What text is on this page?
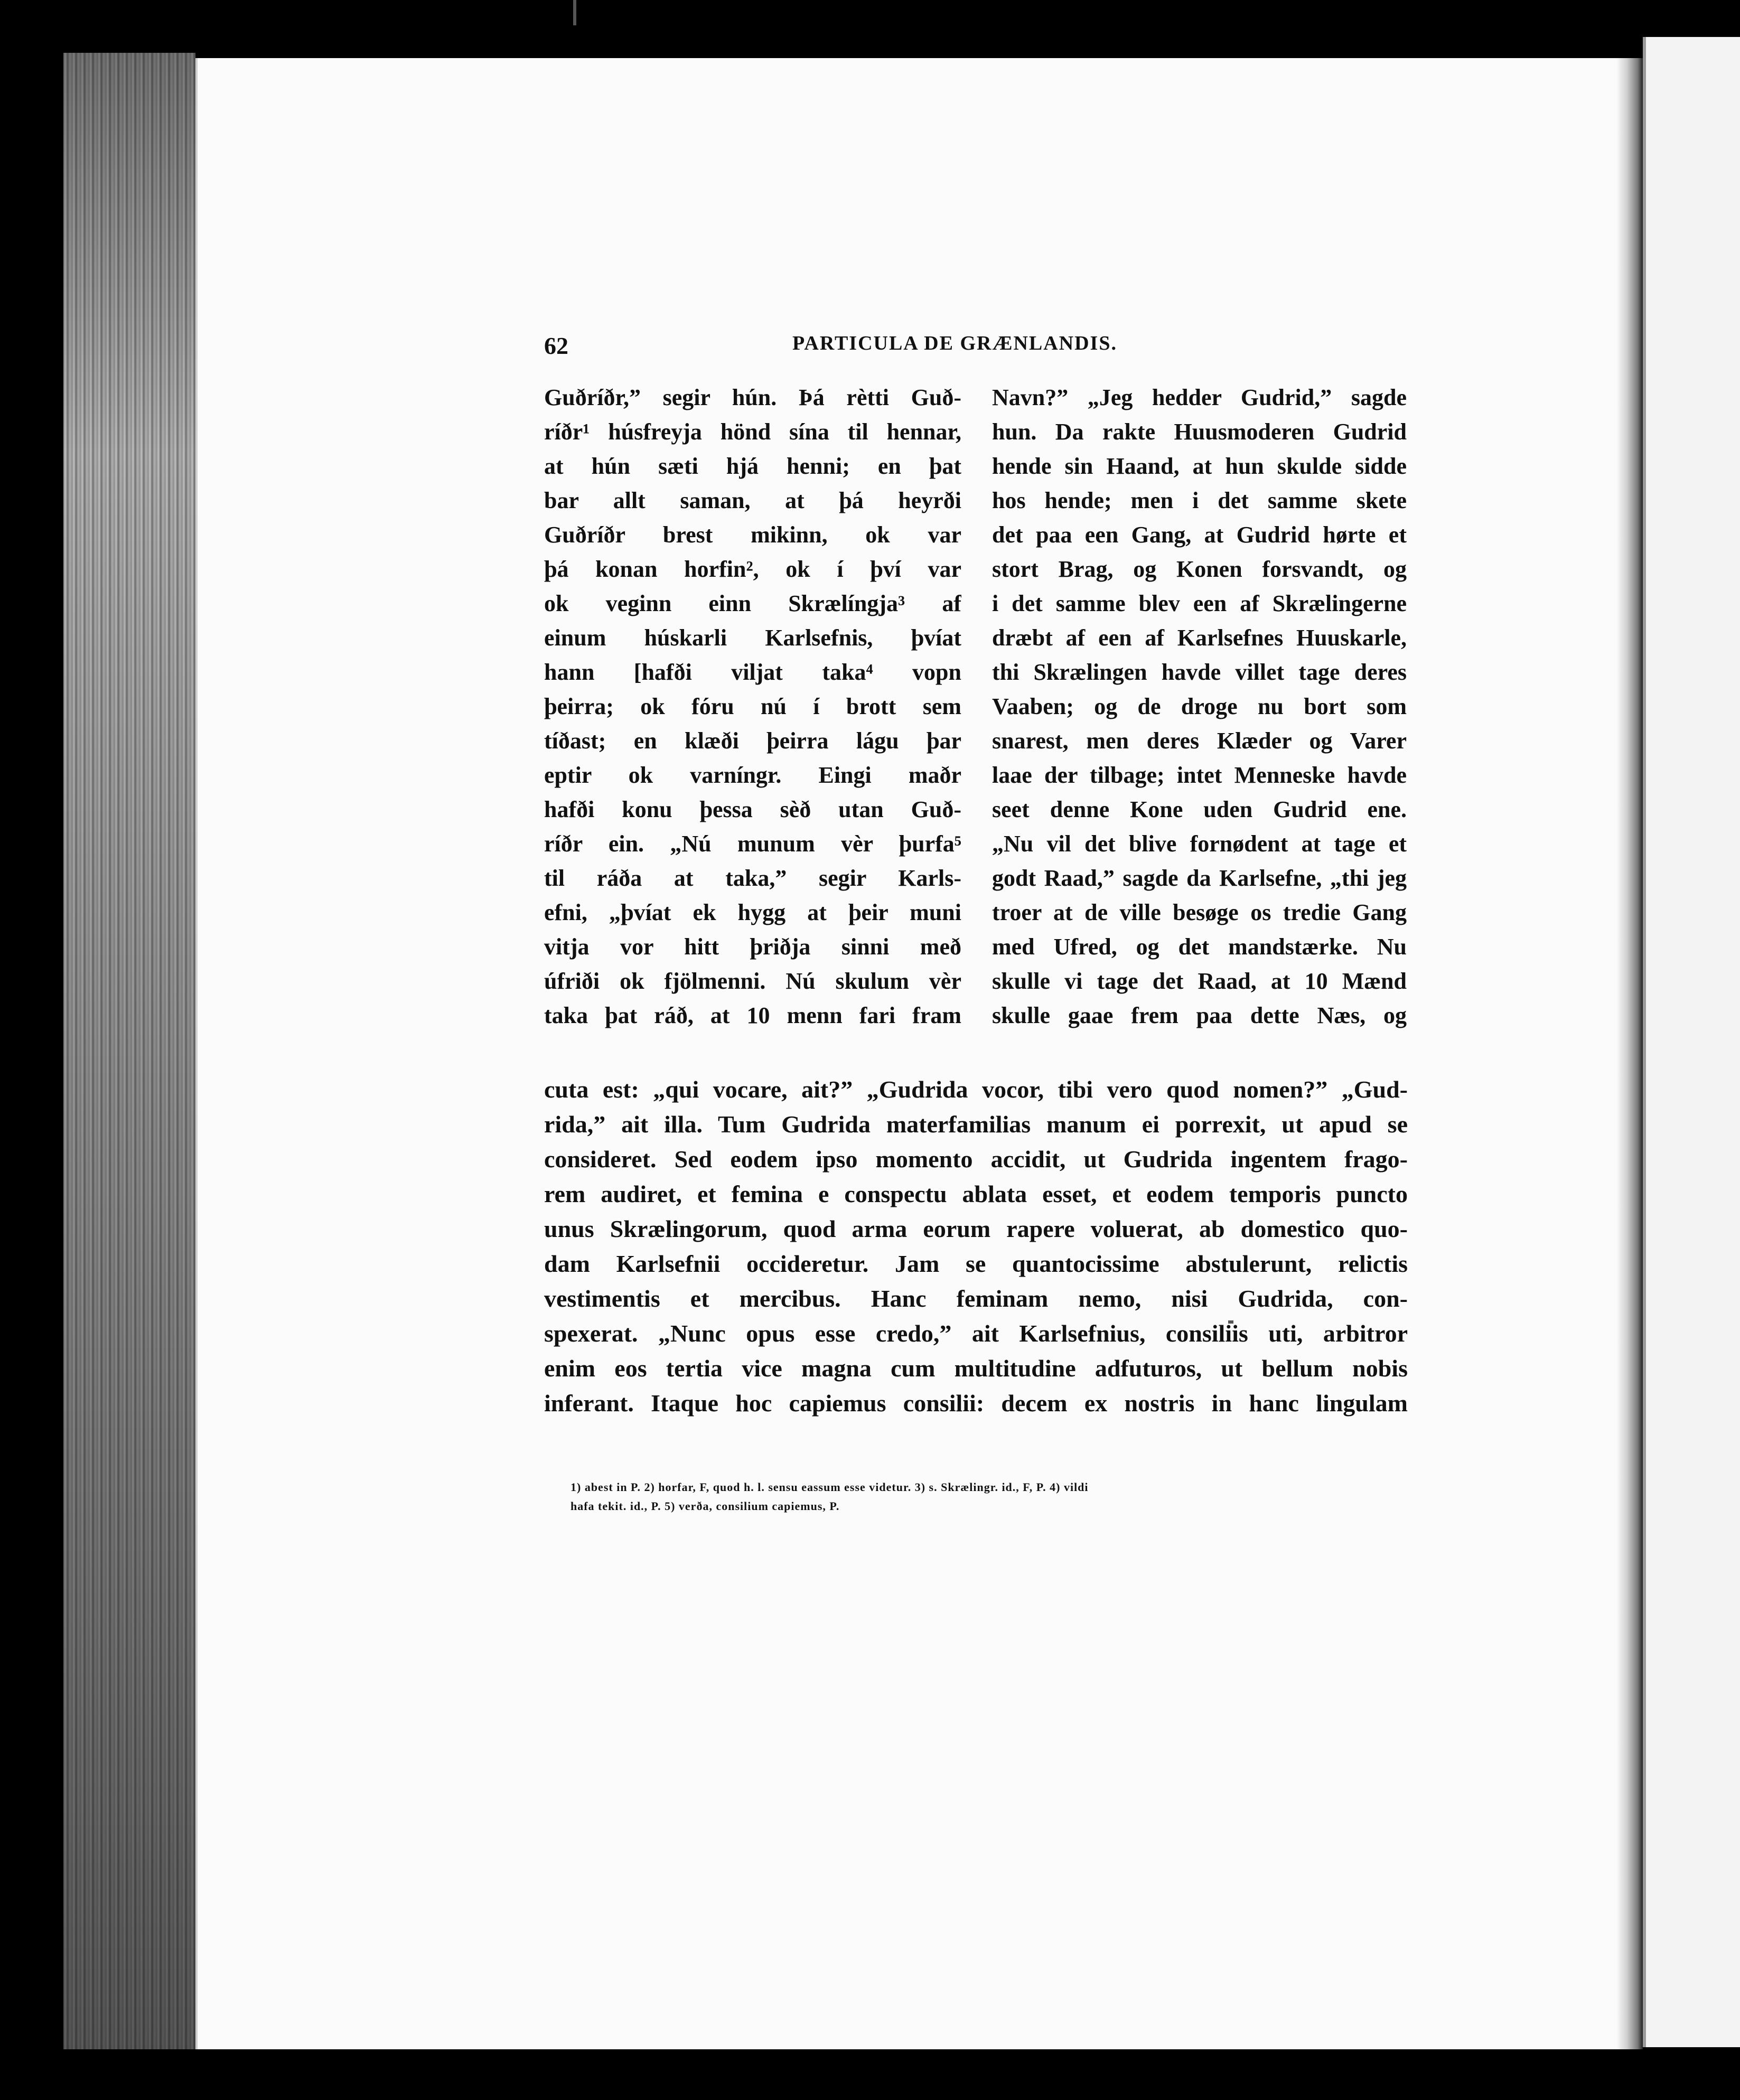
62	PARTICULA DE GRÆNLANDIS.
Guðríðr,” segir hún. Þá rètti Guð-
ríðr¹ húsfreyja hönd sína til hennar,
at hún sæti hjá henni; en þat
bar allt saman, at þá heyrði
Guðríðr brest mikinn, ok var
þá konan horfin², ok í því var
ok veginn einn Skrælíngja³ af
einum húskarli Karlsefnis, þvíat
hann [hafði viljat taka⁴ vopn
þeirra; ok fóru nú í brott sem
tíðast; en klæði þeirra lágu þar
eptir ok varníngr. Eingi maðr
hafði konu þessa sèð utan Guð-
ríðr ein. „Nú munum vèr þurfa⁵
til ráða at taka,” segir Karls-
efni, „þvíat ek hygg at þeir muni
vitja vor hitt þriðja sinni með
úfriði ok fjölmenni. Nú skulum vèr
taka þat ráð, at 10 menn fari fram
Navn?” „Jeg hedder Gudrid,” sagde
hun. Da rakte Huusmoderen Gudrid
hende sin Haand, at hun skulde sidde
hos hende; men i det samme skete
det paa een Gang, at Gudrid hørte et
stort Brag, og Konen forsvandt, og
i det samme blev een af Skrælingerne
dræbt af een af Karlsefnes Huuskarle,
thi Skrælingen havde villet tage deres
Vaaben; og de droge nu bort som
snarest, men deres Klæder og Varer
laae der tilbage; intet Menneske havde
seet denne Kone uden Gudrid ene.
„Nu vil det blive fornødent at tage et
godt Raad,” sagde da Karlsefne, „thi jeg
troer at de ville besøge os tredie Gang
med Ufred, og det mandstærke. Nu
skulle vi tage det Raad, at 10 Mænd
skulle gaae frem paa dette Næs, og
cuta est: „qui vocare, ait?” „Gudrida vocor, tibi vero quod nomen?” „Gud-
rida,” ait illa. Tum Gudrida materfamilias manum ei porrexit, ut apud se
consideret. Sed eodem ipso momento accidit, ut Gudrida ingentem frago-
rem audiret, et femina e conspectu ablata esset, et eodem temporis puncto
unus Skrælingorum, quod arma eorum rapere voluerat, ab domestico quo-
dam Karlsefnii occideretur. Jam se quantocissime abstulerunt, relictis
vestimentis et mercibus. Hanc feminam nemo, nisi Gudrida, con-
spexerat. „Nunc opus esse credo,” ait Karlsefnius, consiliis uti, arbitror
enim eos tertia vice magna cum multitudine adfuturos, ut bellum nobis
inferant. Itaque hoc capiemus consilii: decem ex nostris in hanc lingulam
1) abest in P. 2) horfar, F, quod h. l. sensu eassum esse videtur. 3) s. Skrælingr. id., F, P. 4) vildi
hafa tekit. id., P. 5) verða, consilium capiemus, P.
